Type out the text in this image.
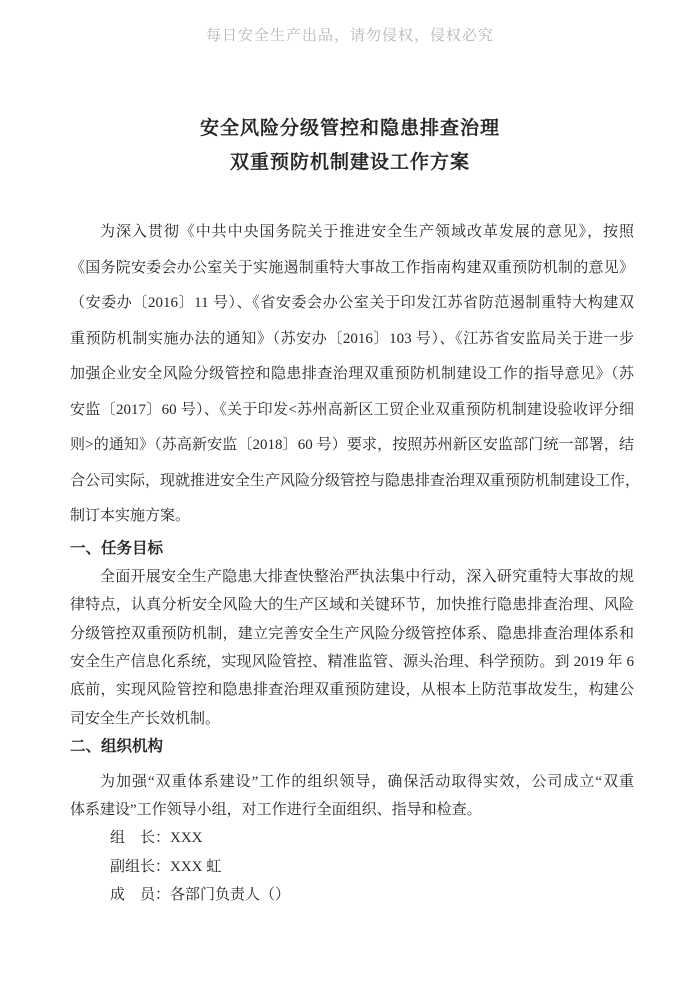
每日安全生产出品，请勿侵权，侵权必究
安全风险分级管控和隐患排查治理
双重预防机制建设工作方案
为深入贯彻《中共中央国务院关于推进安全生产领域改革发展的意见》，按照
《国务院安委会办公室关于实施遏制重特大事故工作指南构建双重预防机制的意见》
（安委办〔2016〕11 号）、《省安委会办公室关于印发江苏省防范遏制重特大构建双
重预防机制实施办法的通知》（苏安办〔2016〕103 号）、《江苏省安监局关于进一步
加强企业安全风险分级管控和隐患排查治理双重预防机制建设工作的指导意见》（苏
安监〔2017〕60 号）、《关于印发<苏州高新区工贸企业双重预防机制建设验收评分细
则>的通知》（苏高新安监〔2018〕60 号）要求，按照苏州新区安监部门统一部署，结
合公司实际，现就推进安全生产风险分级管控与隐患排查治理双重预防机制建设工作，
制订本实施方案。
一、任务目标
全面开展安全生产隐患大排查快整治严执法集中行动，深入研究重特大事故的规
律特点，认真分析安全风险大的生产区域和关键环节，加快推行隐患排查治理、风险
分级管控双重预防机制，建立完善安全生产风险分级管控体系、隐患排查治理体系和
安全生产信息化系统，实现风险管控、精准监管、源头治理、科学预防。到 2019 年 6
底前，实现风险管控和隐患排查治理双重预防建设，从根本上防范事故发生，构建公
司安全生产长效机制。
二、组织机构
为加强“双重体系建设”工作的组织领导，确保活动取得实效，公司成立“双重
体系建设”工作领导小组，对工作进行全面组织、指导和检查。
组　长：XXX
副组长：XXX 虹
成　员：各部门负责人（）
